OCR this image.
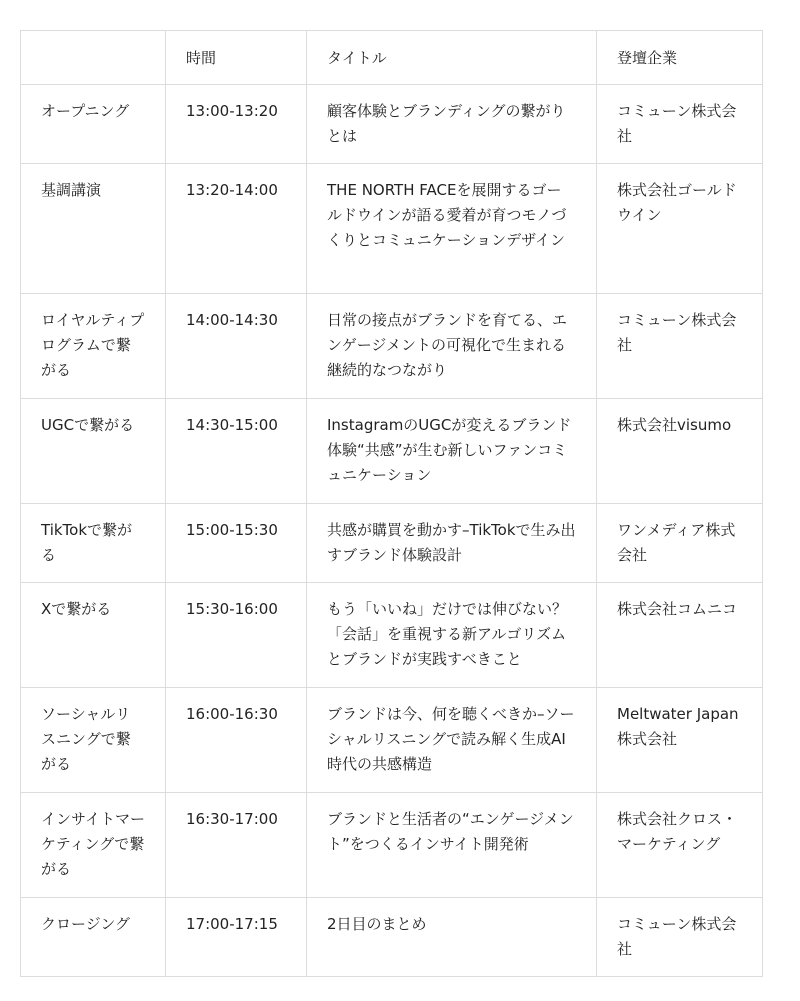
	時間	タイトル	登壇企業
オープニング	13:00-13:20	顧客体験とブランディングの繋がりとは	コミューン株式会社
基調講演	13:20-14:00	THE NORTH FACEを展開するゴールドウインが語る愛着が育つモノづくりとコミュニケーションデザイン	株式会社ゴールドウイン
ロイヤルティプログラムで繋がる	14:00-14:30	日常の接点がブランドを育てる、エンゲージメントの可視化で生まれる継続的なつながり	コミューン株式会社
UGCで繋がる	14:30-15:00	InstagramのUGCが変えるブランド体験“共感”が生む新しいファンコミュニケーション	株式会社visumo
TikTokで繋がる	15:00-15:30	共感が購買を動かす–TikTokで生み出すブランド体験設計	ワンメディア株式会社
Xで繋がる	15:30-16:00	もう「いいね」だけでは伸びない？「会話」を重視する新アルゴリズムとブランドが実践すべきこと	株式会社コムニコ
ソーシャルリスニングで繋がる	16:00-16:30	ブランドは今、何を聴くべきか–ソーシャルリスニングで読み解く生成AI時代の共感構造	Meltwater Japan 株式会社
インサイトマーケティングで繋がる	16:30-17:00	ブランドと生活者の“エンゲージメント”をつくるインサイト開発術	株式会社クロス・マーケティング
クロージング	17:00-17:15	2日目のまとめ	コミューン株式会社
